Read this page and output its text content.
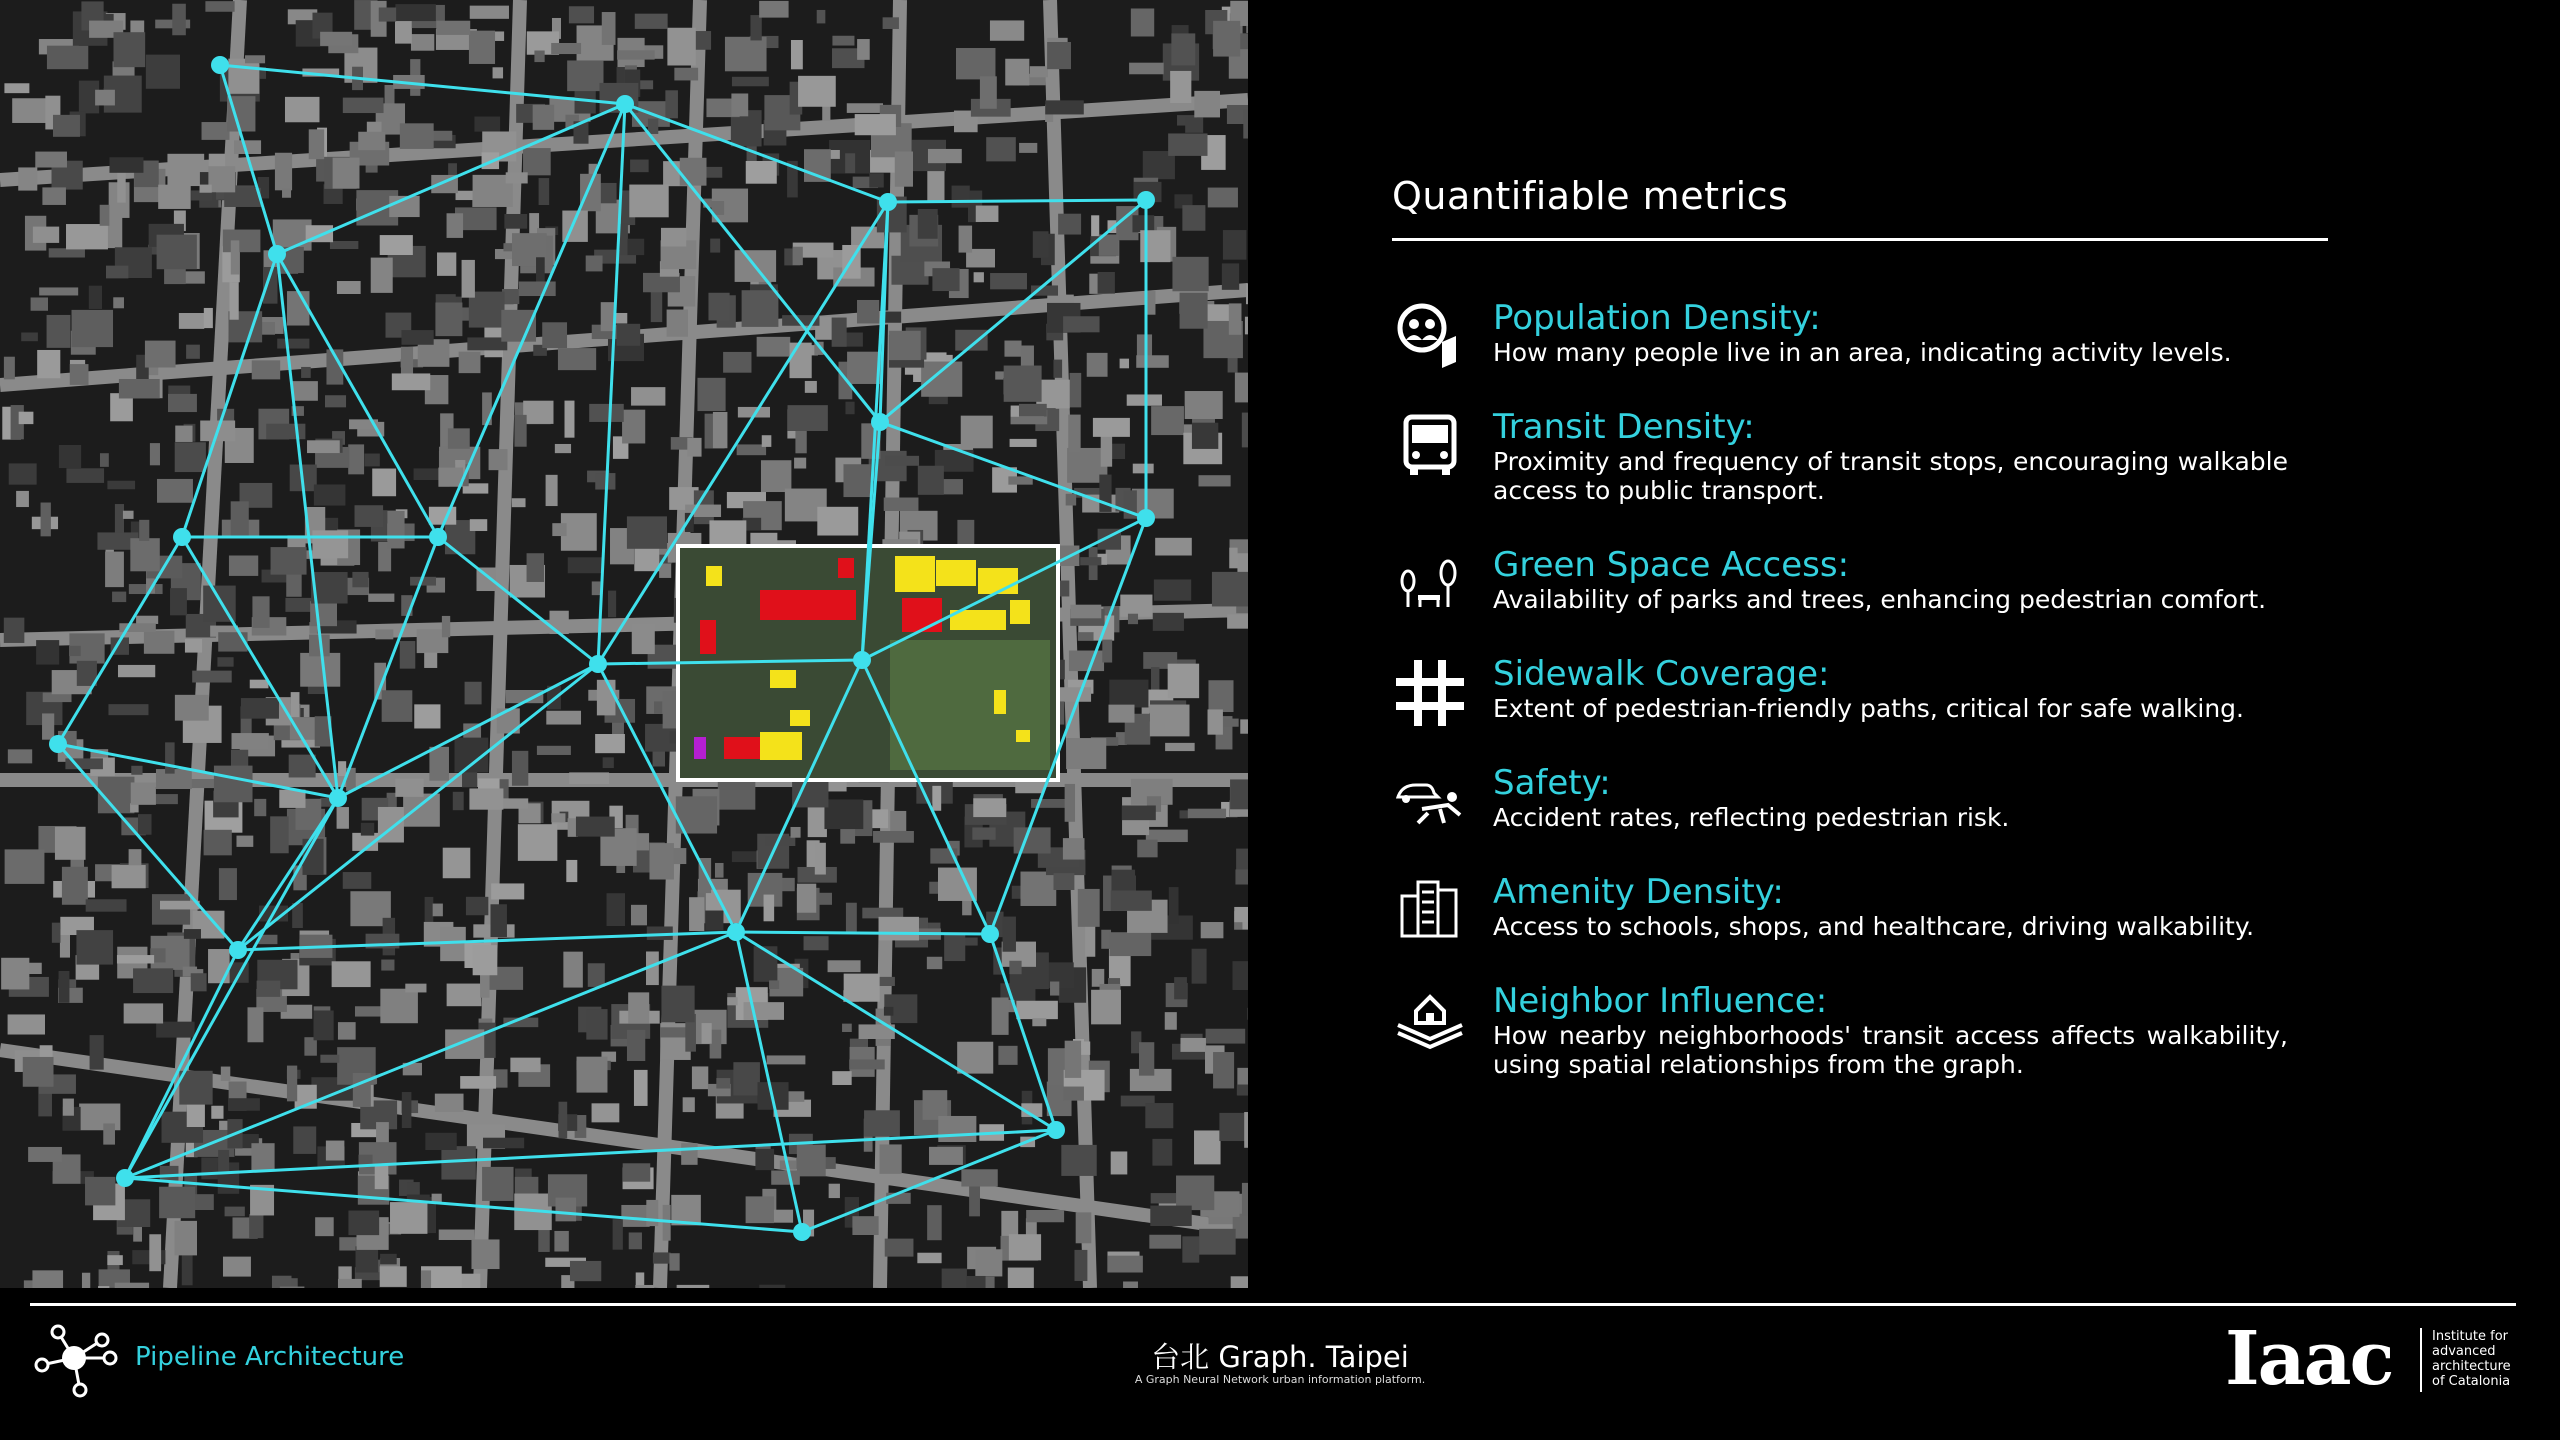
Quantifiable metrics
Population Density:
How many people live in an area, indicating activity levels.
Transit Density:
Proximity and frequency of transit stops, encouraging walkable access to public transport.
Green Space Access:
Availability of parks and trees, enhancing pedestrian comfort.
Sidewalk Coverage:
Extent of pedestrian-friendly paths, critical for safe walking.
Safety:
Accident rates, reflecting pedestrian risk.
Amenity Density:
Access to schools, shops, and healthcare, driving walkability.
Neighbor Influence:
How nearby neighborhoods' transit access affects walkability, using spatial relationships from the graph.
Pipeline Architecture	台北 Graph. Taipei
A Graph Neural Network urban information platform.	Iaac	Institute for
advanced
architecture
of Catalonia
